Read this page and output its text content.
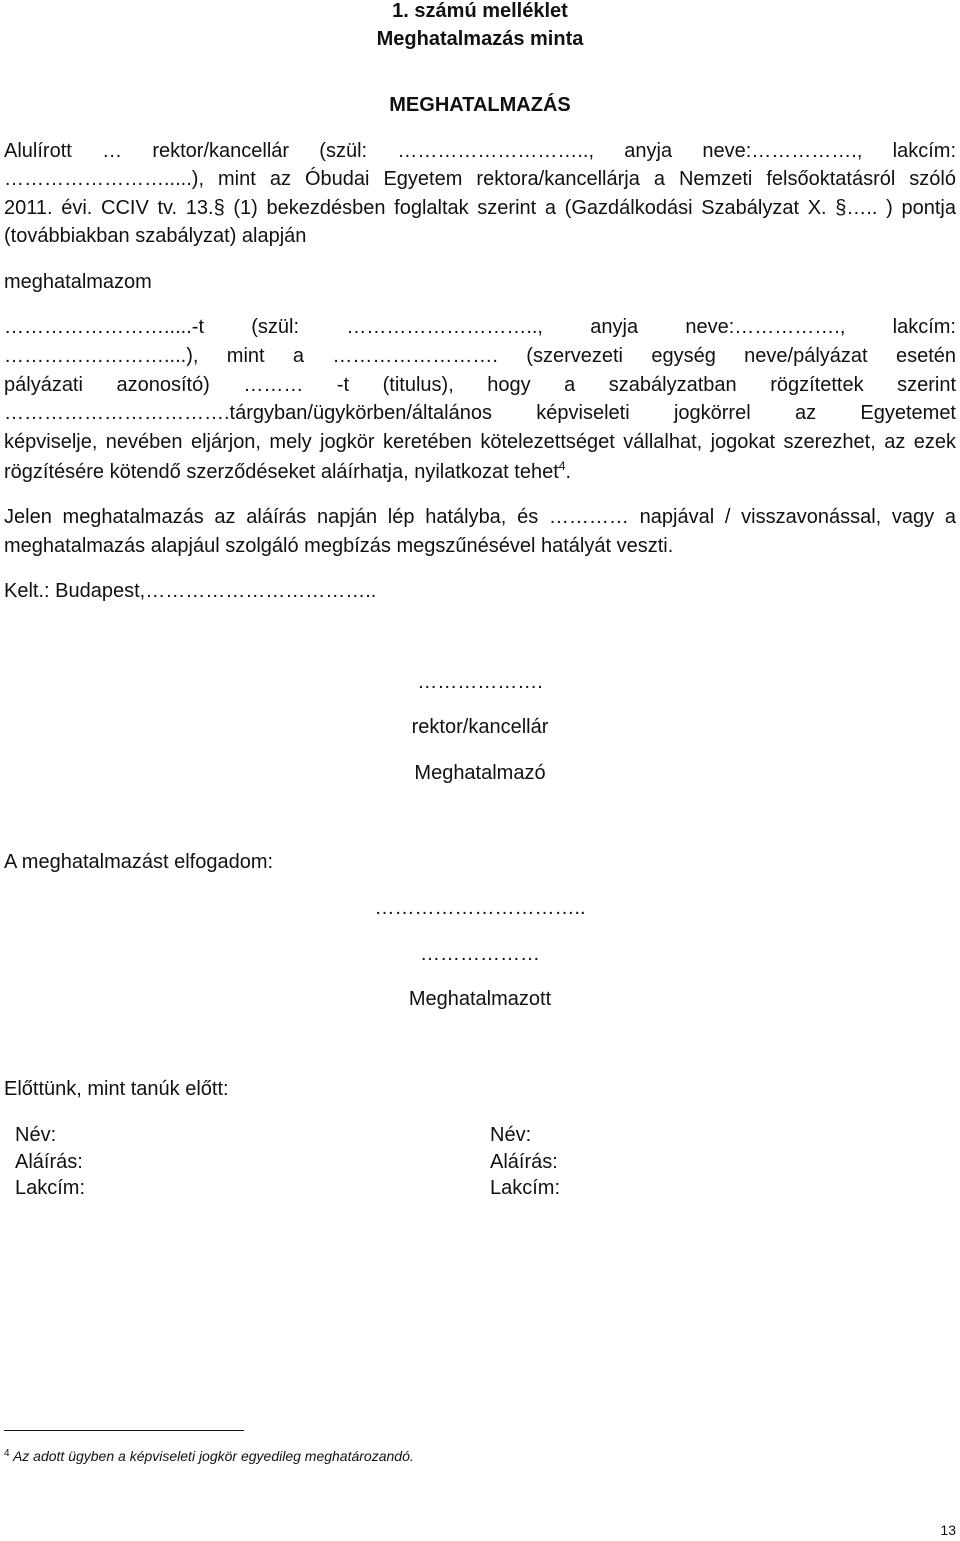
1. számú melléklet
Meghatalmazás minta
MEGHATALMAZÁS
Alulírott … rektor/kancellár (szül: ……………………….., anyja neve:……………., lakcím:
…………………….....), mint az Óbudai Egyetem rektora/kancellárja a Nemzeti felsőoktatásról szóló
2011. évi. CCIV tv. 13.§ (1) bekezdésben foglaltak szerint a (Gazdálkodási Szabályzat X. §….. ) pontja
(továbbiakban szabályzat) alapján
meghatalmazom
…………………….....-t (szül: ……………………….., anyja neve:……………., lakcím:
……………………....), mint a ……………………. (szervezeti egység neve/pályázat esetén
pályázati azonosító) ……… -t (titulus), hogy a szabályzatban rögzítettek szerint
…………………………….tárgyban/ügykörben/általános képviseleti jogkörrel az Egyetemet
képviselje, nevében eljárjon, mely jogkör keretében kötelezettséget vállalhat, jogokat szerezhet, az ezek
rögzítésére kötendő szerződéseket aláírhatja, nyilatkozat tehet$^4$.
Jelen meghatalmazás az aláírás napján lép hatályba, és ………… napjával / visszavonással, vagy a
meghatalmazás alapjául szolgáló megbízás megszűnésével hatályát veszti.
Kelt.: Budapest,……………………………..
……………….
rektor/kancellár
Meghatalmazó
A meghatalmazást elfogadom:
…………………………..
………………
Meghatalmazott
Előttünk, mint tanúk előtt:
Név:
Aláírás:
Lakcím:
Név:
Aláírás:
Lakcím:
$^4$ Az adott ügyben a képviseleti jogkör egyedileg meghatározandó.
13
